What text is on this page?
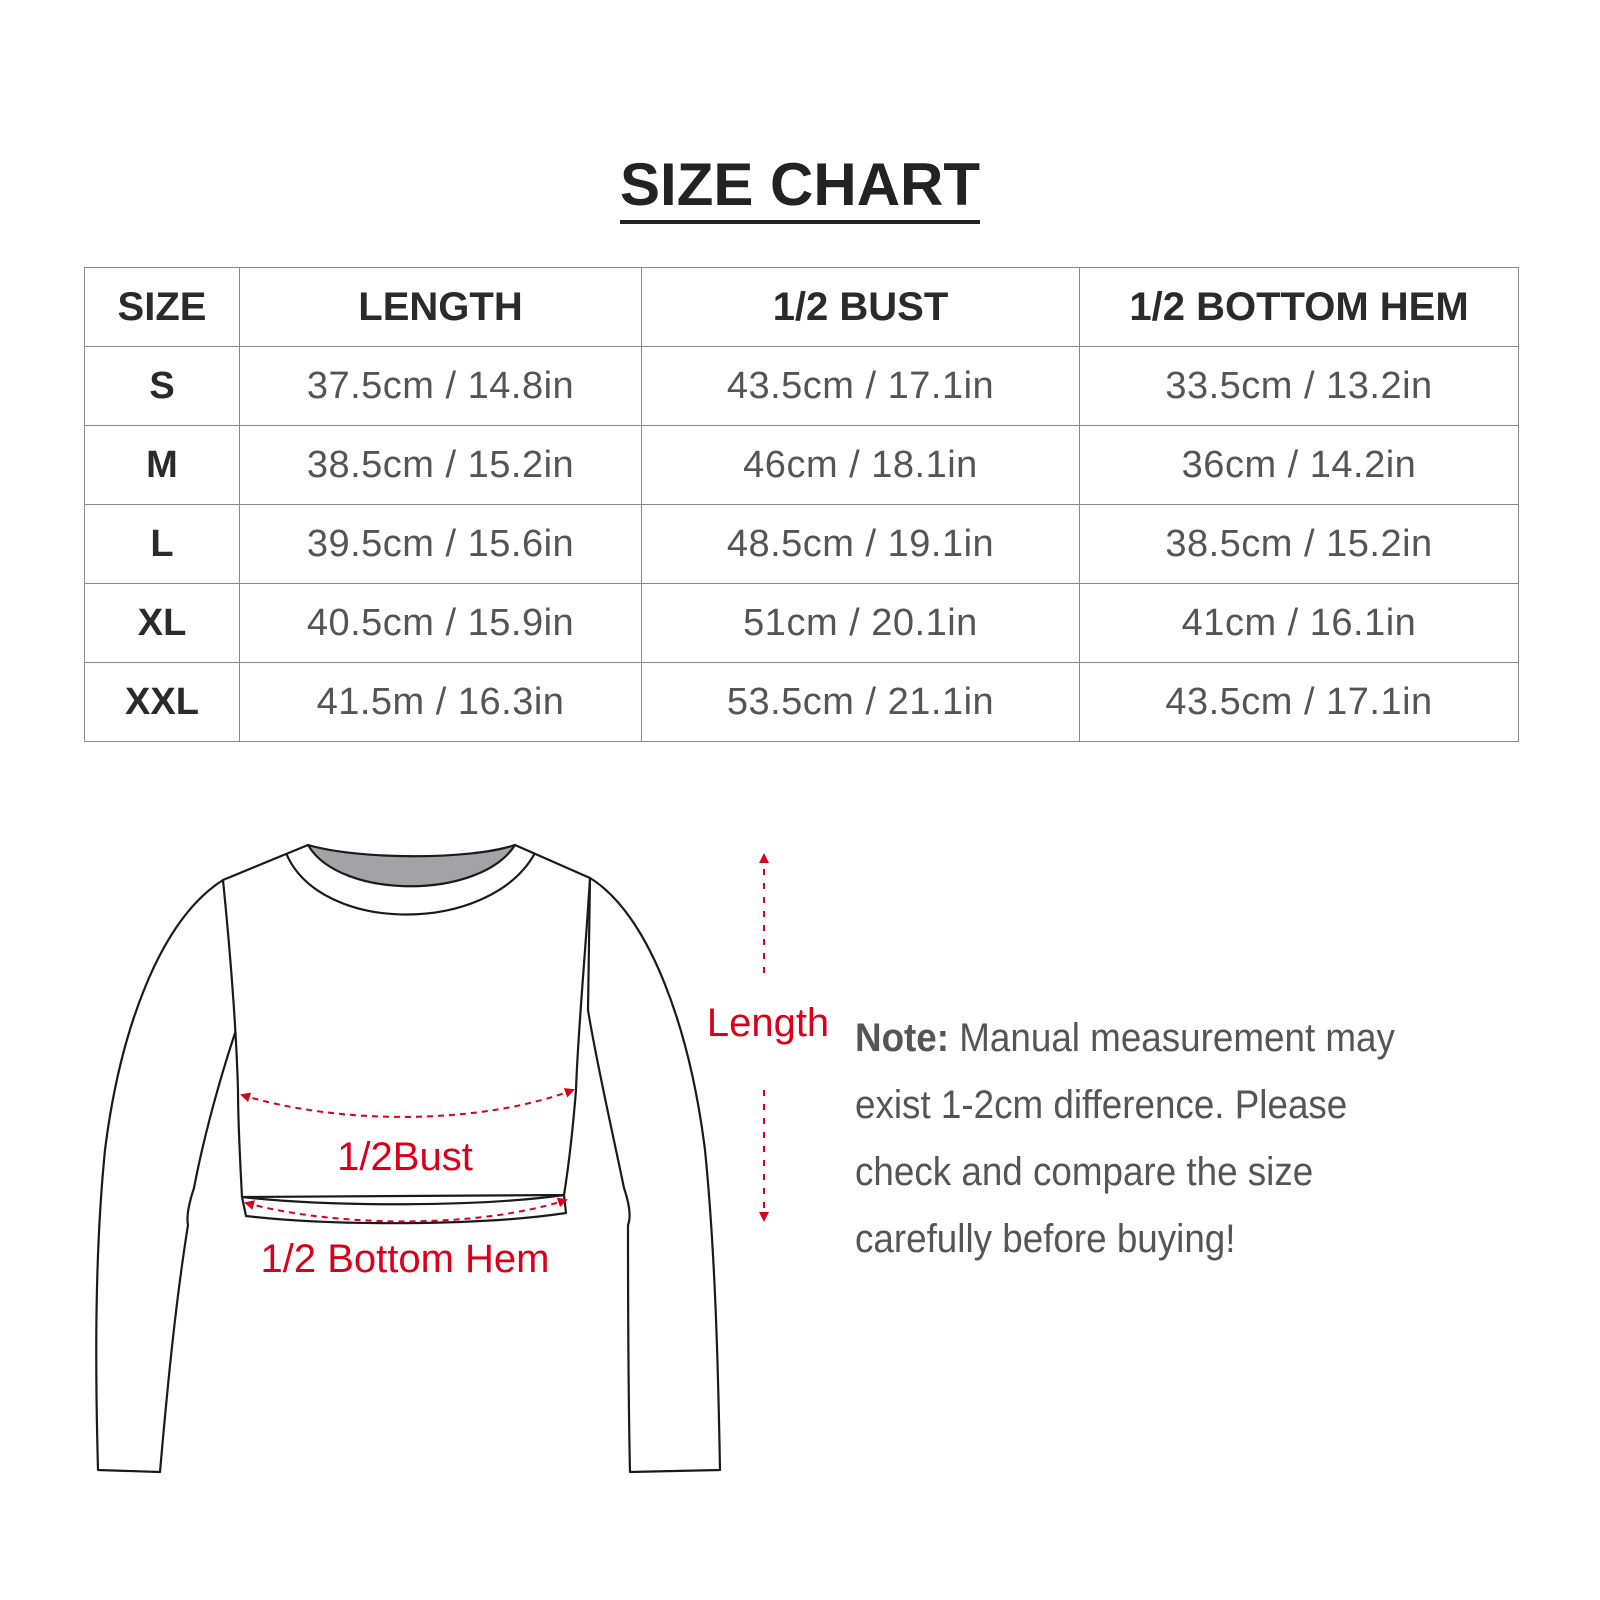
SIZE CHART
SIZE	LENGTH	1/2 BUST	1/2 BOTTOM HEM
S	37.5cm / 14.8in	43.5cm / 17.1in	33.5cm / 13.2in
M	38.5cm / 15.2in	46cm / 18.1in	36cm / 14.2in
L	39.5cm / 15.6in	48.5cm / 19.1in	38.5cm / 15.2in
XL	40.5cm / 15.9in	51cm / 20.1in	41cm / 16.1in
XXL	41.5m / 16.3in	53.5cm / 21.1in	43.5cm / 17.1in
1/2Bust
1/2 Bottom Hem
Length Note: Manual measurement may exist 1-2cm difference. Please check and compare the size carefully before buying!
